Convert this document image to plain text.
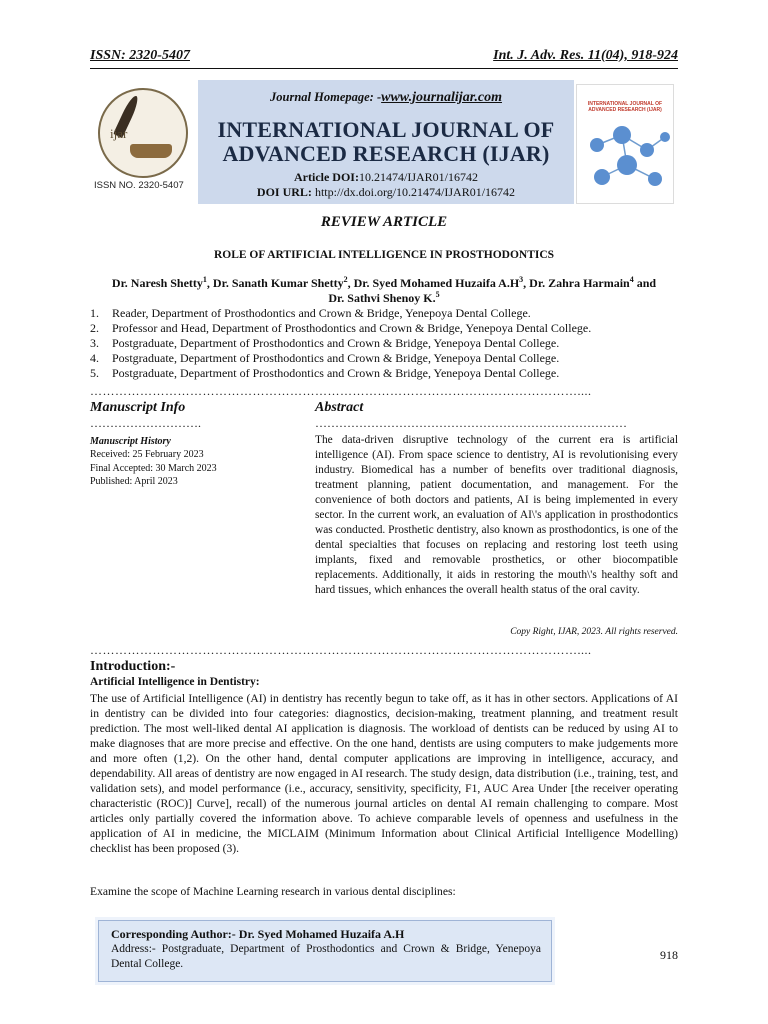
ISSN: 2320-5407	Int. J. Adv. Res. 11(04), 918-924
ijar
ISSN NO. 2320-5407
Journal Homepage: -www.journalijar.com
INTERNATIONAL JOURNAL OF
ADVANCED RESEARCH (IJAR)
Article DOI:10.21474/IJAR01/16742
DOI URL: http://dx.doi.org/10.21474/IJAR01/16742
INTERNATIONAL JOURNAL OF ADVANCED RESEARCH (IJAR)
REVIEW ARTICLE
ROLE OF ARTIFICIAL INTELLIGENCE IN PROSTHODONTICS
Dr. Naresh Shetty$^1$, Dr. Sanath Kumar Shetty$^2$, Dr. Syed Mohamed Huzaifa $A.H^3$, Dr. Zahra Harmain$^4$ and
Dr. Sathvi Shenoy K.$^5$
1. Reader, Department of Prosthodontics and Crown & Bridge, Yenepoya Dental College.
2. Professor and Head, Department of Prosthodontics and Crown & Bridge, Yenepoya Dental College.
3. Postgraduate, Department of Prosthodontics and Crown & Bridge, Yenepoya Dental College.
4. Postgraduate, Department of Prosthodontics and Crown & Bridge, Yenepoya Dental College.
5. Postgraduate, Department of Prosthodontics and Crown & Bridge, Yenepoya Dental College.
………………………………………………………………………………………………………....
Manuscript Info	Abstract
……………………….	……………………………………………………………………
Manuscript History
Received: 25 February 2023
Final Accepted: 30 March 2023
Published: April 2023

The data-driven disruptive technology of the current era is artificial intelligence (AI). From space science to dentistry, AI is revolutionising every industry. Biomedical has a number of benefits over traditional diagnosis, treatment planning, patient documentation, and management. For the convenience of both doctors and patients, AI is being implemented in every sector. In the current work, an evaluation of AI\'s application in prosthodontics was conducted. Prosthetic dentistry, also known as prosthodontics, is one of the dental specialties that focuses on replacing and restoring lost teeth using implants, fixed and removable prosthetics, or other biocompatible replacements. Additionally, it aids in restoring the mouth\'s healthy soft and hard tissues, which enhances the overall health status of the oral cavity.

Copy Right, IJAR, 2023. All rights reserved.
………………………………………………………………………………………………………....
Introduction:-
Artificial Intelligence in Dentistry:

The use of Artificial Intelligence (AI) in dentistry has recently begun to take off, as it has in other sectors. Applications of AI in dentistry can be divided into four categories: diagnostics, decision-making, treatment planning, and treatment result prediction. The most well-liked dental AI application is diagnosis. The workload of dentists can be reduced by using AI to make diagnoses that are more precise and effective. On the one hand, dentists are using computers to make judgements more and more often (1,2). On the other hand, dental computer applications are improving in intelligence, accuracy, and dependability. All areas of dentistry are now engaged in AI research. The study design, data distribution (i.e., training, test, and validation sets), and model performance (i.e., accuracy, sensitivity, specificity, F1, AUC Area Under [the receiver operating characteristic (ROC)] Curve], recall) of the numerous journal articles on dental AI remain challenging to compare. Most articles only partially covered the information above. To achieve comparable levels of openness and usefulness in the application of AI in medicine, the MICLAIM (Minimum Information about Clinical Artificial Intelligence Modelling) checklist has been proposed (3).

Examine the scope of Machine Learning research in various dental disciplines:
Corresponding Author:- Dr. Syed Mohamed Huzaifa A.H

Address:- Postgraduate, Department of Prosthodontics and Crown & Bridge, Yenepoya Dental College.

918
